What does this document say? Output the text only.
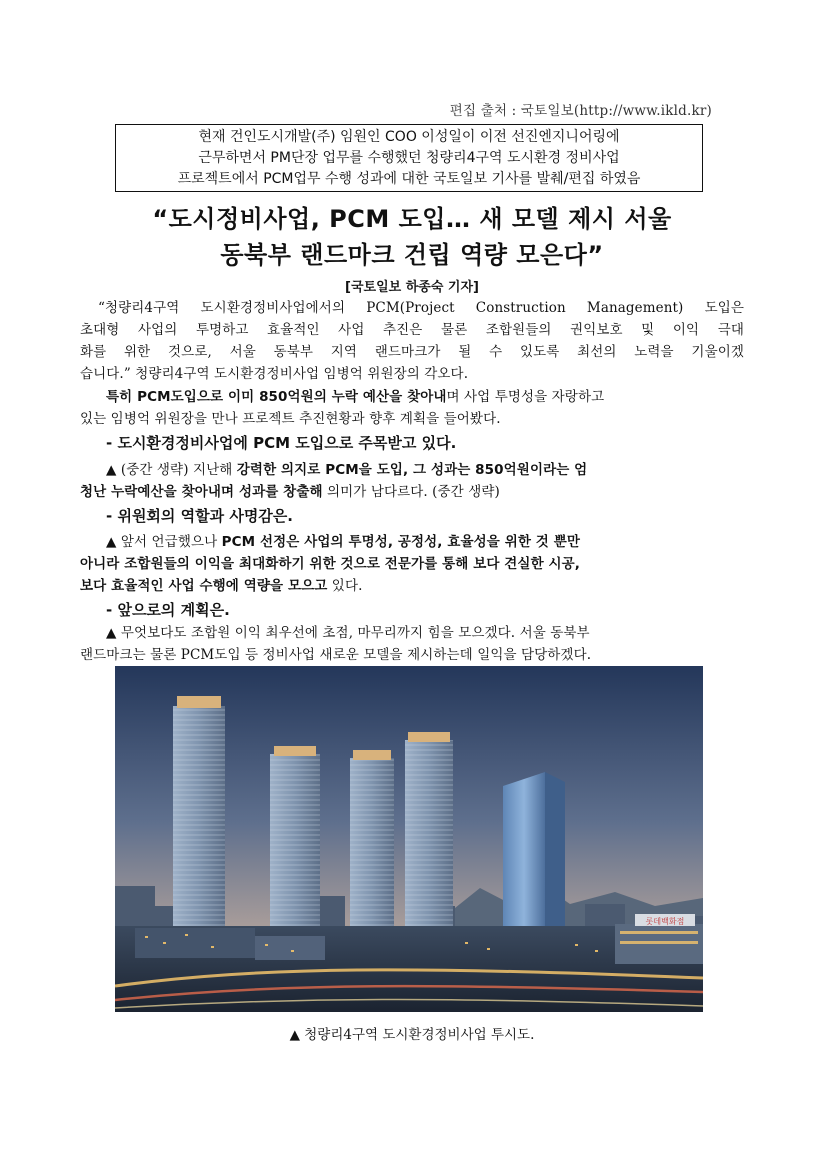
편집 출처 : 국토일보(http://www.ikld.kr)
현재 건인도시개발(주) 임원인 COO 이성일이 이전 선진엔지니어링에
근무하면서 PM단장 업무를 수행했던 청량리4구역 도시환경 정비사업
프로젝트에서 PCM업무 수행 성과에 대한 국토일보 기사를 발췌/편집 하였음
“도시정비사업, PCM 도입… 새 모델 제시 서울
동북부 랜드마크 건립 역량 모은다”
[국토일보 하종숙 기자]
“청량리4구역 도시환경정비사업에서의 PCM(Project Construction Management) 도입은
초대형 사업의 투명하고 효율적인 사업 추진은 물론 조합원들의 권익보호 및 이익 극대
화를 위한 것으로, 서울 동북부 지역 랜드마크가 될 수 있도록 최선의 노력을 기울이겠
습니다.” 청량리4구역 도시환경정비사업 임병억 위원장의 각오다.
특히 PCM도입으로 이미 850억원의 누락 예산을 찾아내며 사업 투명성을 자랑하고
있는 임병억 위원장을 만나 프로젝트 추진현황과 향후 계획을 들어봤다.
- 도시환경정비사업에 PCM 도입으로 주목받고 있다.
▲ (중간 생략) 지난해 강력한 의지로 PCM을 도입, 그 성과는 850억원이라는 엄
청난 누락예산을 찾아내며 성과를 창출해 의미가 남다르다. (중간 생략)
- 위원회의 역할과 사명감은.
▲ 앞서 언급했으나 PCM 선정은 사업의 투명성, 공정성, 효율성을 위한 것 뿐만
아니라 조합원들의 이익을 최대화하기 위한 것으로 전문가를 통해 보다 견실한 시공,
보다 효율적인 사업 수행에 역량을 모으고 있다.
- 앞으로의 계획은.
▲ 무엇보다도 조합원 이익 최우선에 초점, 마무리까지 힘을 모으겠다. 서울 동북부
랜드마크는 물론 PCM도입 등 정비사업 새로운 모델을 제시하는데 일익을 담당하겠다.
롯데백화점
▲ 청량리4구역 도시환경정비사업 투시도.
